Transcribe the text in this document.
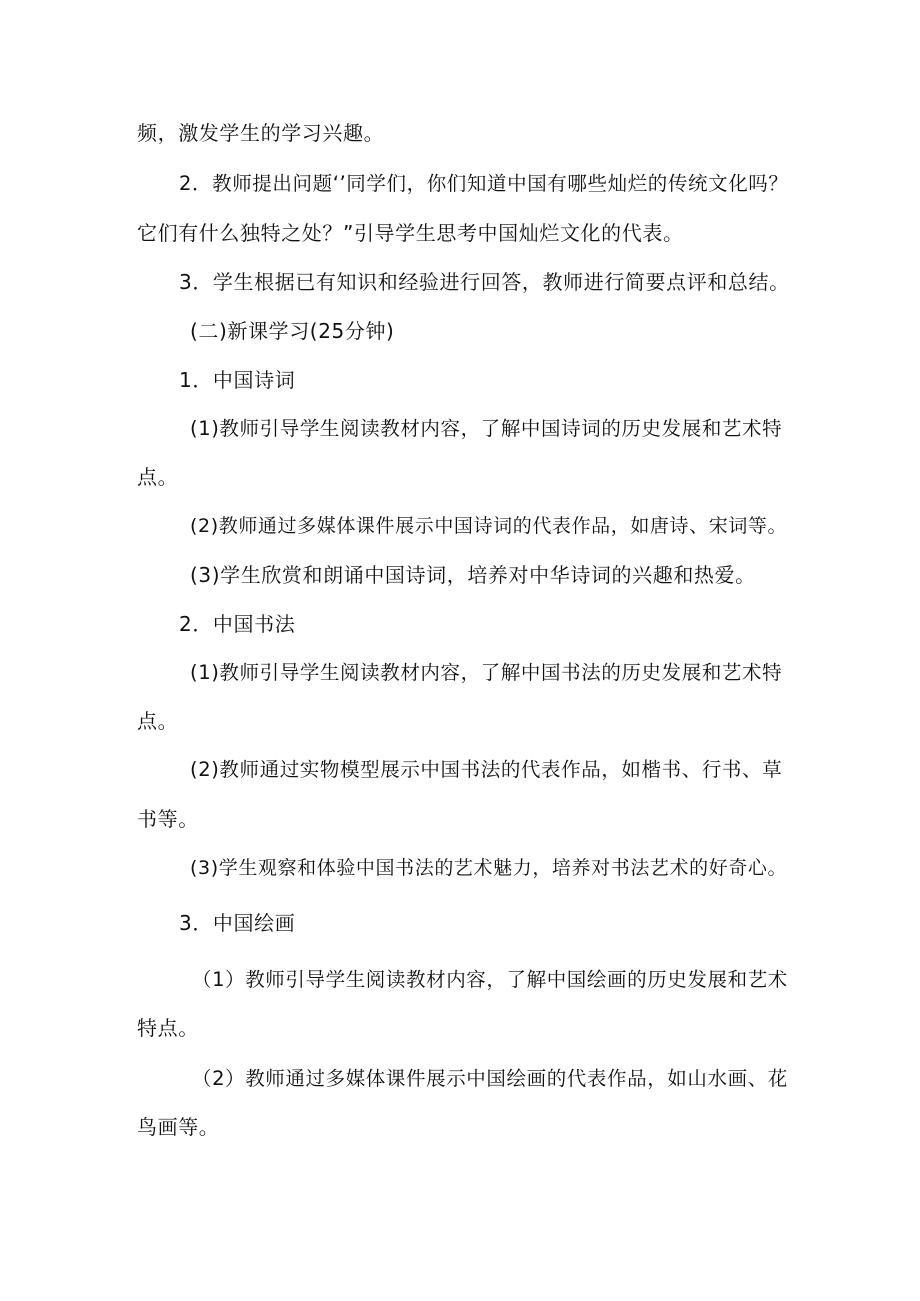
频，激发学生的学习兴趣。
2．教师提出问题‘’同学们，你们知道中国有哪些灿烂的传统文化吗？
它们有什么独特之处？”引导学生思考中国灿烂文化的代表。
3．学生根据已有知识和经验进行回答，教师进行简要点评和总结。
(二)新课学习(25分钟)
1．中国诗词
(1)教师引导学生阅读教材内容，了解中国诗词的历史发展和艺术特
点。
(2)教师通过多媒体课件展示中国诗词的代表作品，如唐诗、宋词等。
(3)学生欣赏和朗诵中国诗词，培养对中华诗词的兴趣和热爱。
2．中国书法
(1)教师引导学生阅读教材内容，了解中国书法的历史发展和艺术特
点。
(2)教师通过实物模型展示中国书法的代表作品，如楷书、行书、草
书等。
(3)学生观察和体验中国书法的艺术魅力，培养对书法艺术的好奇心。
3．中国绘画
（1）教师引导学生阅读教材内容，了解中国绘画的历史发展和艺术
特点。
（2）教师通过多媒体课件展示中国绘画的代表作品，如山水画、花
鸟画等。
